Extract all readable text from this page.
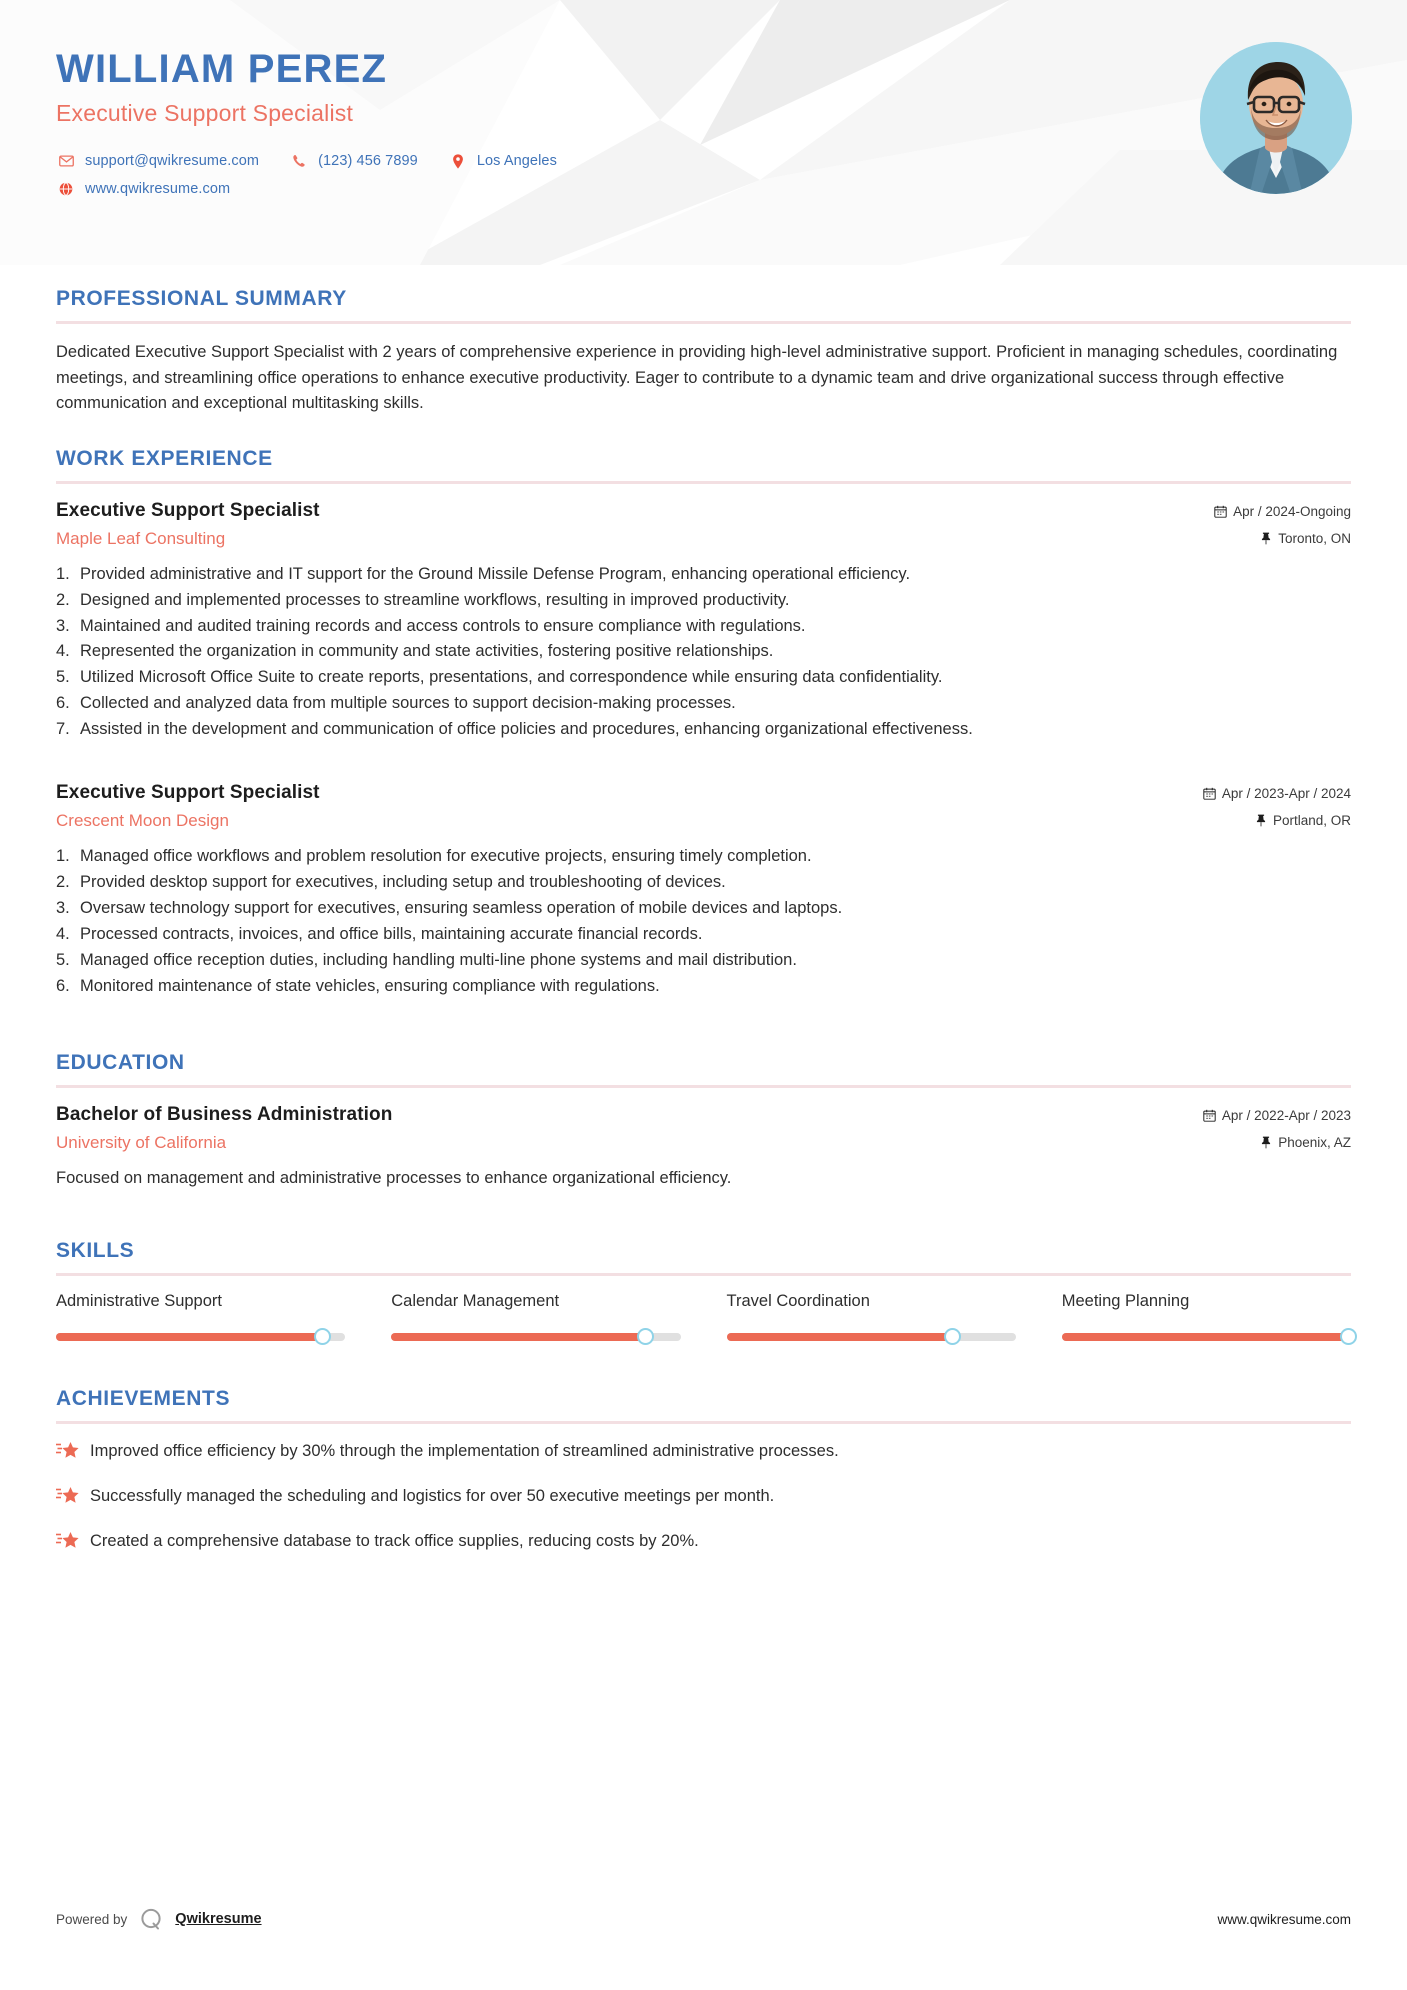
WILLIAM PEREZ
Executive Support Specialist
support@qwikresume.com	(123) 456 7899	Los Angeles
www.qwikresume.com
PROFESSIONAL SUMMARY
Dedicated Executive Support Specialist with 2 years of comprehensive experience in providing high-level administrative support. Proficient in managing schedules, coordinating meetings, and streamlining office operations to enhance executive productivity. Eager to contribute to a dynamic team and drive organizational success through effective communication and exceptional multitasking skills.
WORK EXPERIENCE
Executive Support Specialist
Maple Leaf Consulting
Apr / 2024-Ongoing
Toronto, ON
1. Provided administrative and IT support for the Ground Missile Defense Program, enhancing operational efficiency.
2. Designed and implemented processes to streamline workflows, resulting in improved productivity.
3. Maintained and audited training records and access controls to ensure compliance with regulations.
4. Represented the organization in community and state activities, fostering positive relationships.
5. Utilized Microsoft Office Suite to create reports, presentations, and correspondence while ensuring data confidentiality.
6. Collected and analyzed data from multiple sources to support decision-making processes.
7. Assisted in the development and communication of office policies and procedures, enhancing organizational effectiveness.
Executive Support Specialist
Crescent Moon Design
Apr / 2023-Apr / 2024
Portland, OR
1. Managed office workflows and problem resolution for executive projects, ensuring timely completion.
2. Provided desktop support for executives, including setup and troubleshooting of devices.
3. Oversaw technology support for executives, ensuring seamless operation of mobile devices and laptops.
4. Processed contracts, invoices, and office bills, maintaining accurate financial records.
5. Managed office reception duties, including handling multi-line phone systems and mail distribution.
6. Monitored maintenance of state vehicles, ensuring compliance with regulations.
EDUCATION
Bachelor of Business Administration
University of California
Apr / 2022-Apr / 2023
Phoenix, AZ
Focused on management and administrative processes to enhance organizational efficiency.
SKILLS
Administrative Support	Calendar Management	Travel Coordination	Meeting Planning
ACHIEVEMENTS
Improved office efficiency by 30% through the implementation of streamlined administrative processes.
Successfully managed the scheduling and logistics for over 50 executive meetings per month.
Created a comprehensive database to track office supplies, reducing costs by 20%.
Powered by	Qwikresume	www.qwikresume.com
